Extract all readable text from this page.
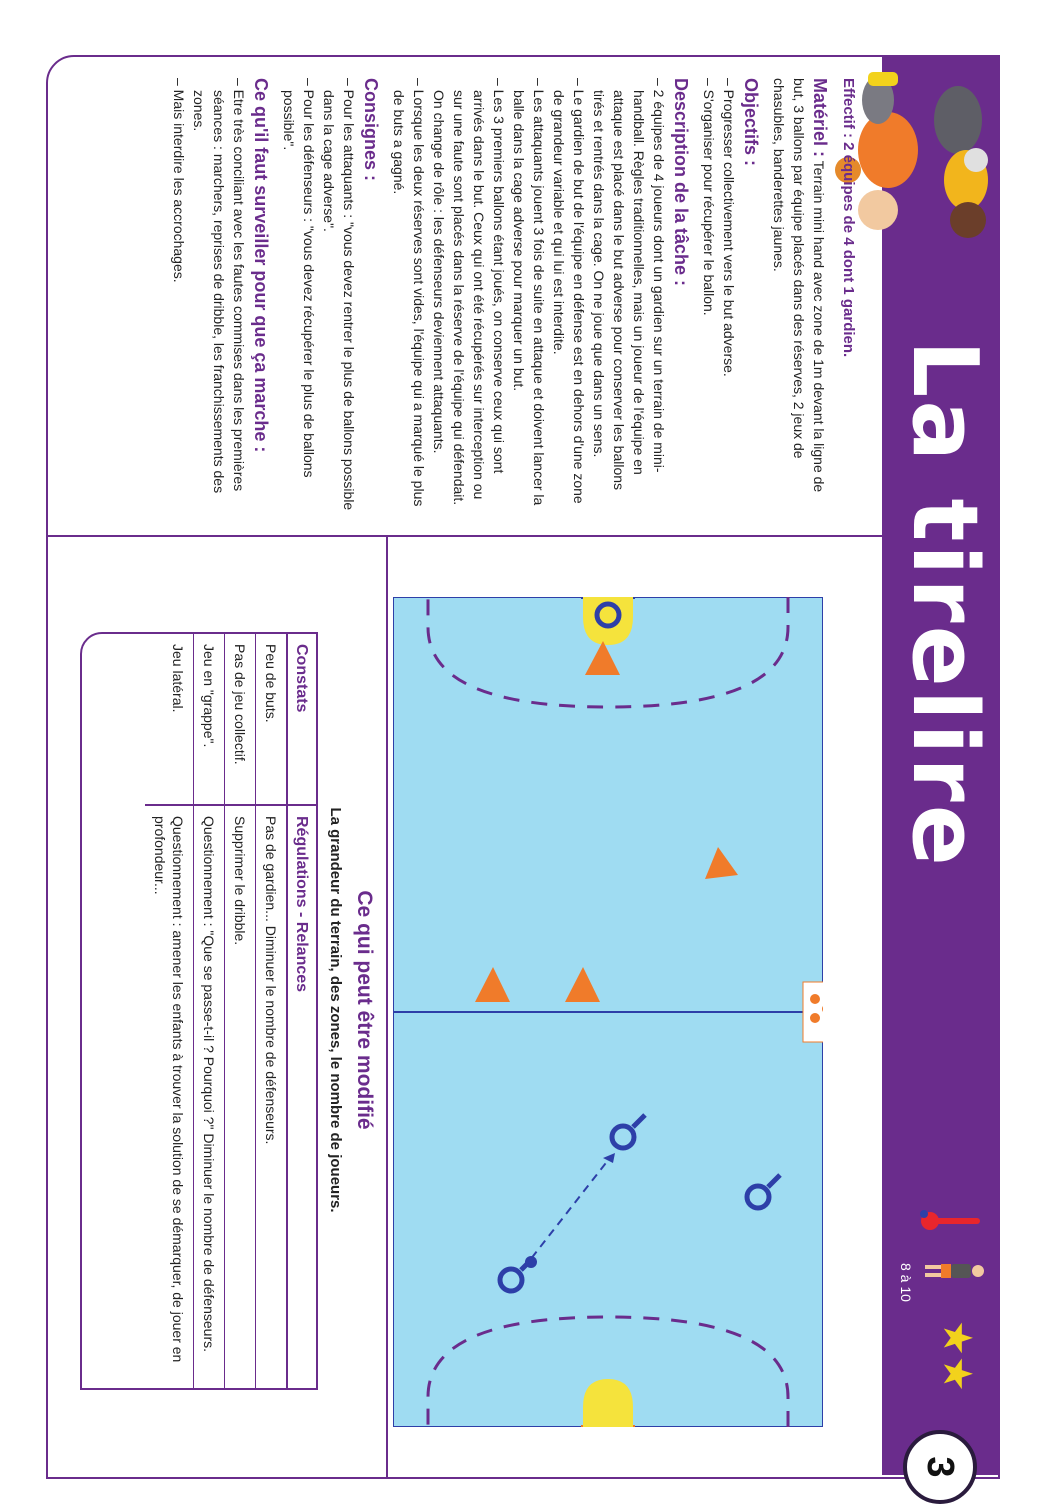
La tirelire
8 à 10
★★
3
Effectif : 2 équipes de 4 dont 1 gardien.

Matériel : Terrain mini hand avec zone de 1m devant la ligne de but, 3 ballons par équipe placés dans des réserves, 2 jeux de chasubles, banderettes jaunes.

Objectifs :
– Progresser collectivement vers le but adverse.
– S'organiser pour récupérer le ballon.
Description de la tâche :
– 2 équipes de 4 joueurs dont un gardien sur un terrain de mini-handball. Règles traditionnelles, mais un joueur de l'équipe en attaque est placé dans le but adverse pour conserver les ballons tirés et rentrés dans la cage. On ne joue que dans un sens.
– Le gardien de but de l'équipe en défense est en dehors d'une zone de grandeur variable et qui lui est interdite.
– Les attaquants jouent 3 fois de suite en attaque et doivent lancer la balle dans la cage adverse pour marquer un but.
– Les 3 premiers ballons étant joués, on conserve ceux qui sont arrivés dans le but. Ceux qui ont été récupérés sur interception ou sur une faute sont placés dans la réserve de l'équipe qui défendait. On change de rôle : les défenseurs deviennent attaquants.
– Lorsque les deux réserves sont vides, l'équipe qui a marqué le plus de buts a gagné.
Consignes :
– Pour les attaquants : "vous devez rentrer le plus de ballons possible dans la cage adverse".
– Pour les défenseurs : "vous devez récupérer le plus de ballons possible".
Ce qu'il faut surveiller pour que ça marche :
– Etre très conciliant avec les fautes commises dans les premières séances : marchers, reprises de dribble, les franchissements des zones.
– Mais interdire les accrochages.
Ce qui peut être modifié
La grandeur du terrain, des zones, le nombre de joueurs.
Constats	Régulations - Relances
Peu de buts.	Pas de gardien... Diminuer le nombre de défenseurs.
Pas de jeu collectif.	Supprimer le dribble.
Jeu en "grappe".	Questionnement : "Que se passe-t-il ? Pourquoi ?" Diminuer le nombre de défenseurs.
Jeu latéral.	Questionnement : amener les enfants à trouver la solution de se démarquer, de jouer en profondeur...
